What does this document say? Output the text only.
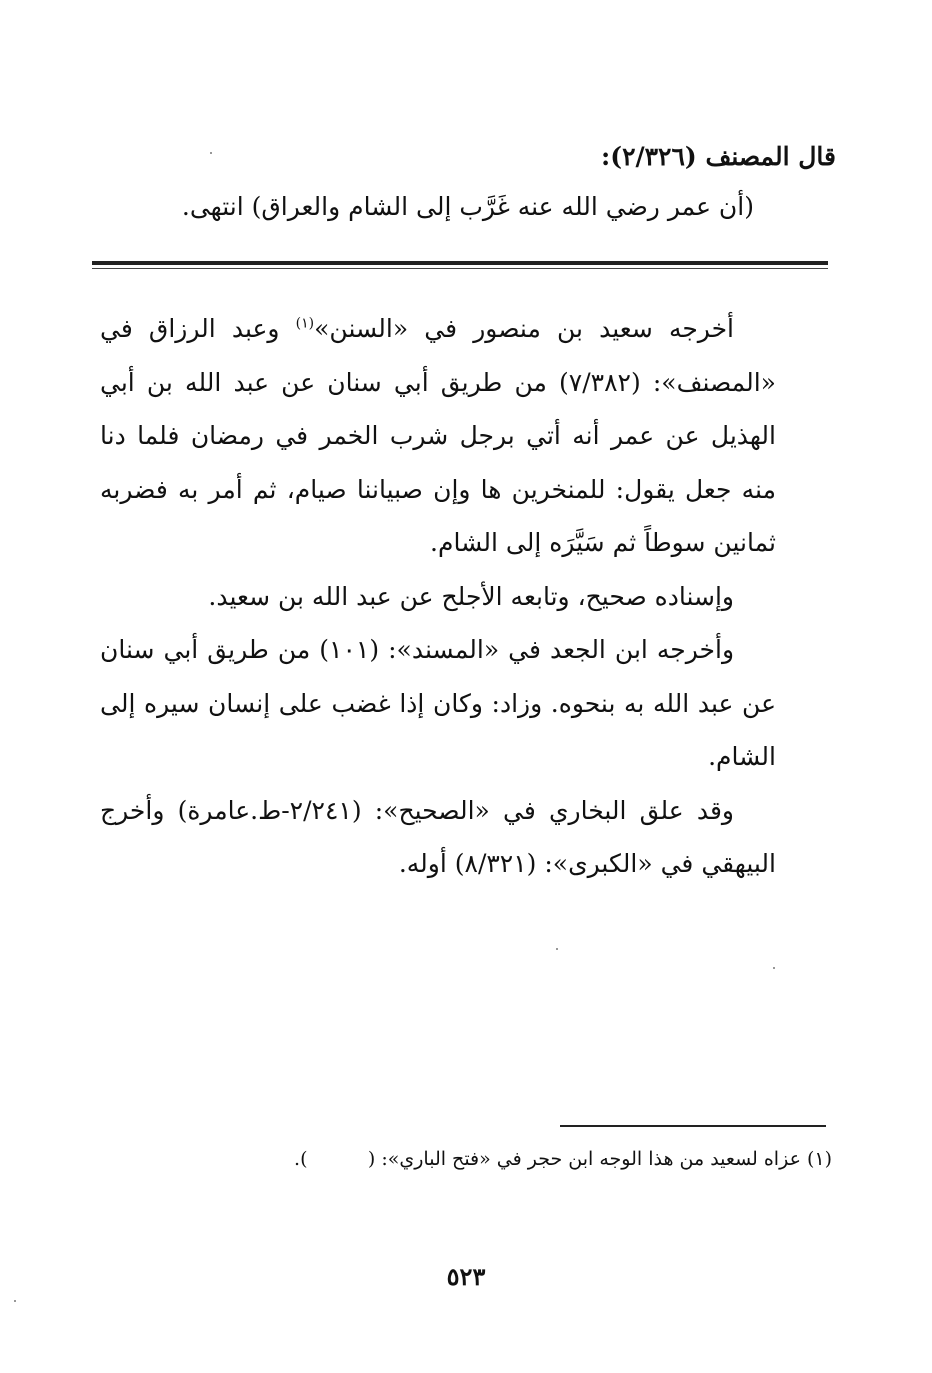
قال المصنف (٢/٣٢٦):
(أن عمر رضي الله عنه غَرَّب إلى الشام والعراق) انتهى.

أخرجه سعيد بن منصور في «السنن»$^{(١)}$ وعبد الرزاق في «المصنف»: (٧/٣٨٢) من طريق أبي سنان عن عبد الله بن أبي الهذيل عن عمر أنه أتي برجل شرب الخمر في رمضان فلما دنا منه جعل يقول: للمنخرين ها وإن صبياننا صيام، ثم أمر به فضربه ثمانين سوطاً ثم سَيَّرَه إلى الشام.

وإسناده صحيح، وتابعه الأجلح عن عبد الله بن سعيد.

وأخرجه ابن الجعد في «المسند»: (١٠١) من طريق أبي سنان عن عبد الله به بنحوه. وزاد: وكان إذا غضب على إنسان سيره إلى الشام.

وقد علق البخاري في «الصحيح»: (٢/٢٤١-ط.عامرة) وأخرج البيهقي في «الكبرى»: (٨/٣٢١) أوله.

(١) عزاه لسعيد من هذا الوجه ابن حجر في «فتح الباري»: (          ).
٥٢٣
